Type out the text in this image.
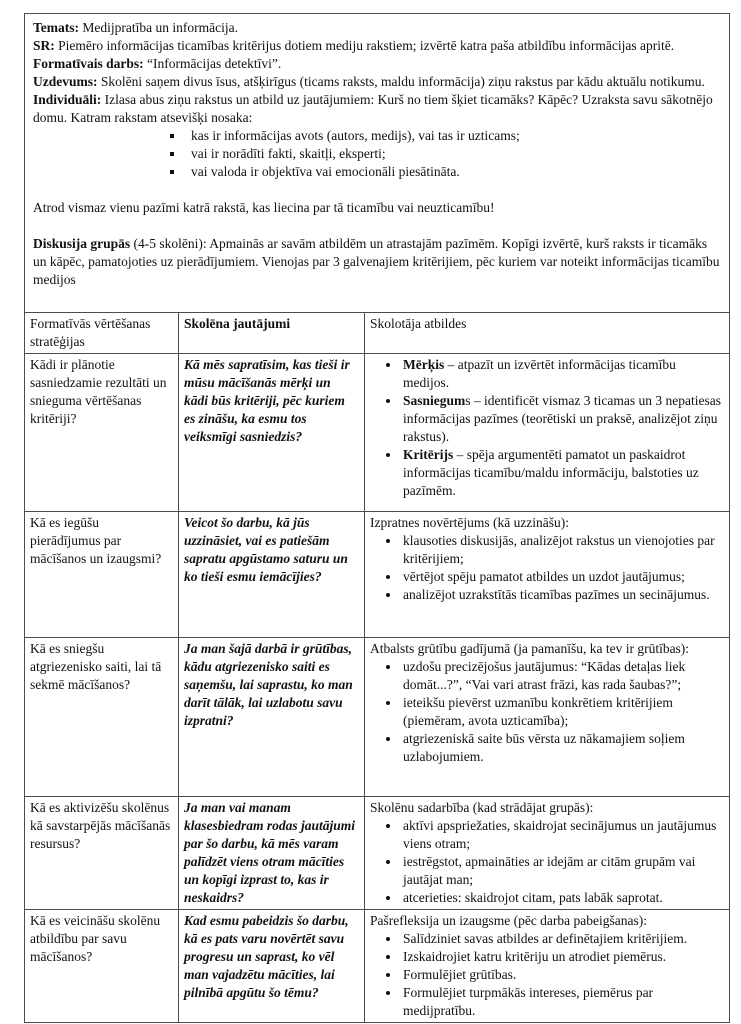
Temats: Medijpratība un informācija.

SR: Piemēro informācijas ticamības kritērijus dotiem mediju rakstiem; izvērtē katra paša atbildību informācijas apritē.

Formatīvais darbs: “Informācijas detektīvi”.

Uzdevums: Skolēni saņem divus īsus, atšķirīgus (ticams raksts, maldu informācija) ziņu rakstus par kādu aktuālu notikumu.

Individuāli: Izlasa abus ziņu rakstus un atbild uz jautājumiem: Kurš no tiem šķiet ticamāks? Kāpēc? Uzraksta savu sākotnējo domu. Katram rakstam atsevišķi nosaka:

▪ kas ir informācijas avots (autors, medijs), vai tas ir uzticams;
▪ vai ir norādīti fakti, skaitļi, eksperti;
▪ vai valoda ir objektīva vai emocionāli piesātināta.

Atrod vismaz vienu pazīmi katrā rakstā, kas liecina par tā ticamību vai neuzticamību!

Diskusija grupās (4-5 skolēni): Apmainās ar savām atbildēm un atrastajām pazīmēm. Kopīgi izvērtē, kurš raksts ir ticamāks un kāpēc, pamatojoties uz pierādījumiem. Vienojas par 3 galvenajiem kritērijiem, pēc kuriem var noteikt informācijas ticamību medijos

Formatīvās vērtēšanas stratēģijas	Skolēna jautājumi	Skolotāja atbildes
Kādi ir plānotie sasniedzamie rezultāti un snieguma vērtēšanas kritēriji?	Kā mēs sapratīsim, kas tieši ir mūsu mācīšanās mērķi un kādi būs kritēriji, pēc kuriem es zināšu, ka esmu tos veiksmīgi sasniedzis?	
• Mērķis – atpazīt un izvērtēt informācijas ticamību medijos.
• Sasniegums – identificēt vismaz 3 ticamas un 3 nepatiesas informācijas pazīmes (teorētiski un praksē, analizējot ziņu rakstus).
• Kritērijs – spēja argumentēti pamatot un paskaidrot informācijas ticamību/maldu informāciju, balstoties uz pazīmēm.

Kā es iegūšu pierādījumus par mācīšanos un izaugsmi?	Veicot šo darbu, kā jūs uzzināsiet, vai es patiešām sapratu apgūstamo saturu un ko tieši esmu iemācījies?	
Izpratnes novērtējums (kā uzzināšu):
• klausoties diskusijās, analizējot rakstus un vienojoties par kritērijiem;
• vērtējot spēju pamatot atbildes un uzdot jautājumus;
• analizējot uzrakstītās ticamības pazīmes un secinājumus.

Kā es sniegšu atgriezenisko saiti, lai tā sekmē mācīšanos?	Ja man šajā darbā ir grūtības, kādu atgriezenisko saiti es saņemšu, lai saprastu, ko man darīt tālāk, lai uzlabotu savu izpratni?	
Atbalsts grūtību gadījumā (ja pamanīšu, ka tev ir grūtības):
• uzdošu precizējošus jautājumus: “Kādas detaļas liek domāt...?”, “Vai vari atrast frāzi, kas rada šaubas?”;
• ieteikšu pievērst uzmanību konkrētiem kritērijiem (piemēram, avota uzticamība);
• atgriezeniskā saite būs vērsta uz nākamajiem soļiem uzlabojumiem.

Kā es aktivizēšu skolēnus kā savstarpējās mācīšanās resursus?	Ja man vai manam klasesbiedram rodas jautājumi par šo darbu, kā mēs varam palīdzēt viens otram mācīties un kopīgi izprast to, kas ir neskaidrs?	
Skolēnu sadarbība (kad strādājat grupās):
• aktīvi apspriežaties, skaidrojat secinājumus un jautājumus viens otram;
• iestrēgstot, apmaināties ar idejām ar citām grupām vai jautājat man;
• atcerieties: skaidrojot citam, pats labāk saprotat.

Kā es veicināšu skolēnu atbildību par savu mācīšanos?	Kad esmu pabeidzis šo darbu, kā es pats varu novērtēt savu progresu un saprast, ko vēl man vajadzētu mācīties, lai pilnībā apgūtu šo tēmu?	
Pašrefleksija un izaugsme (pēc darba pabeigšanas):
• Salīdziniet savas atbildes ar definētajiem kritērijiem.
• Izskaidrojiet katru kritēriju un atrodiet piemērus.
• Formulējiet grūtības.
• Formulējiet turpmākās intereses, piemērus par medijpratību.
